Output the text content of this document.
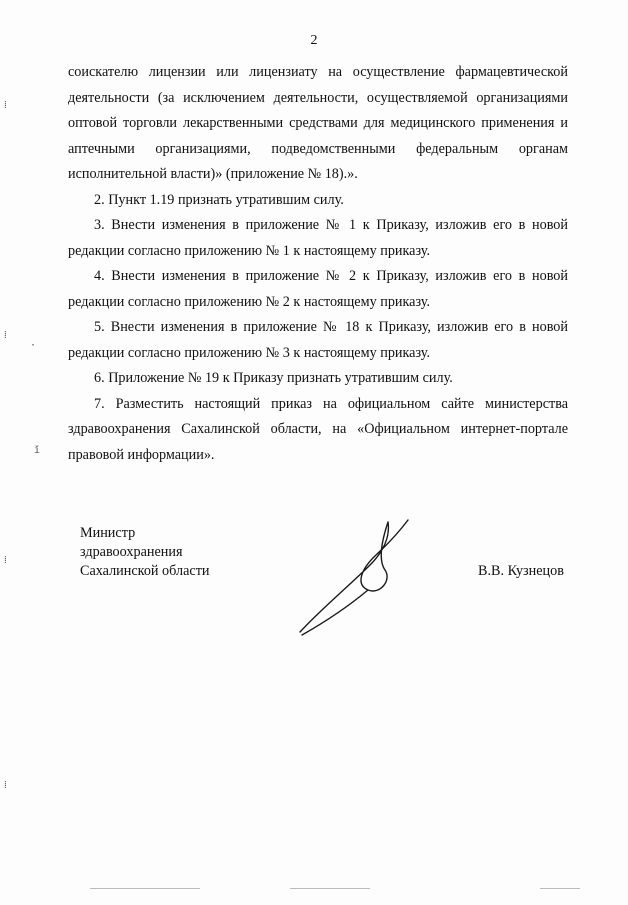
2

соискателю лицензии или лицензиату на осуществление фармацевтической деятельности (за исключением деятельности, осуществляемой организациями оптовой торговли лекарственными средствами для медицинского применения и аптечными организациями, подведомственными федеральным органам исполнительной власти)» (приложение № 18).».

2. Пункт 1.19 признать утратившим силу.

3. Внести изменения в приложение № 1 к Приказу, изложив его в новой редакции согласно приложению № 1 к настоящему приказу.

4. Внести изменения в приложение № 2 к Приказу, изложив его в новой редакции согласно приложению № 2 к настоящему приказу.

5. Внести изменения в приложение № 18 к Приказу, изложив его в новой редакции согласно приложению № 3 к настоящему приказу.

6. Приложение № 19 к Приказу признать утратившим силу.

7. Разместить настоящий приказ на официальном сайте министерства здравоохранения Сахалинской области, на «Официальном интернет-портале правовой информации».

Министр
здравоохранения
Сахалинской области	В.В. Кузнецов
⁞
⁞
·
ǐ
⁞
⁞
